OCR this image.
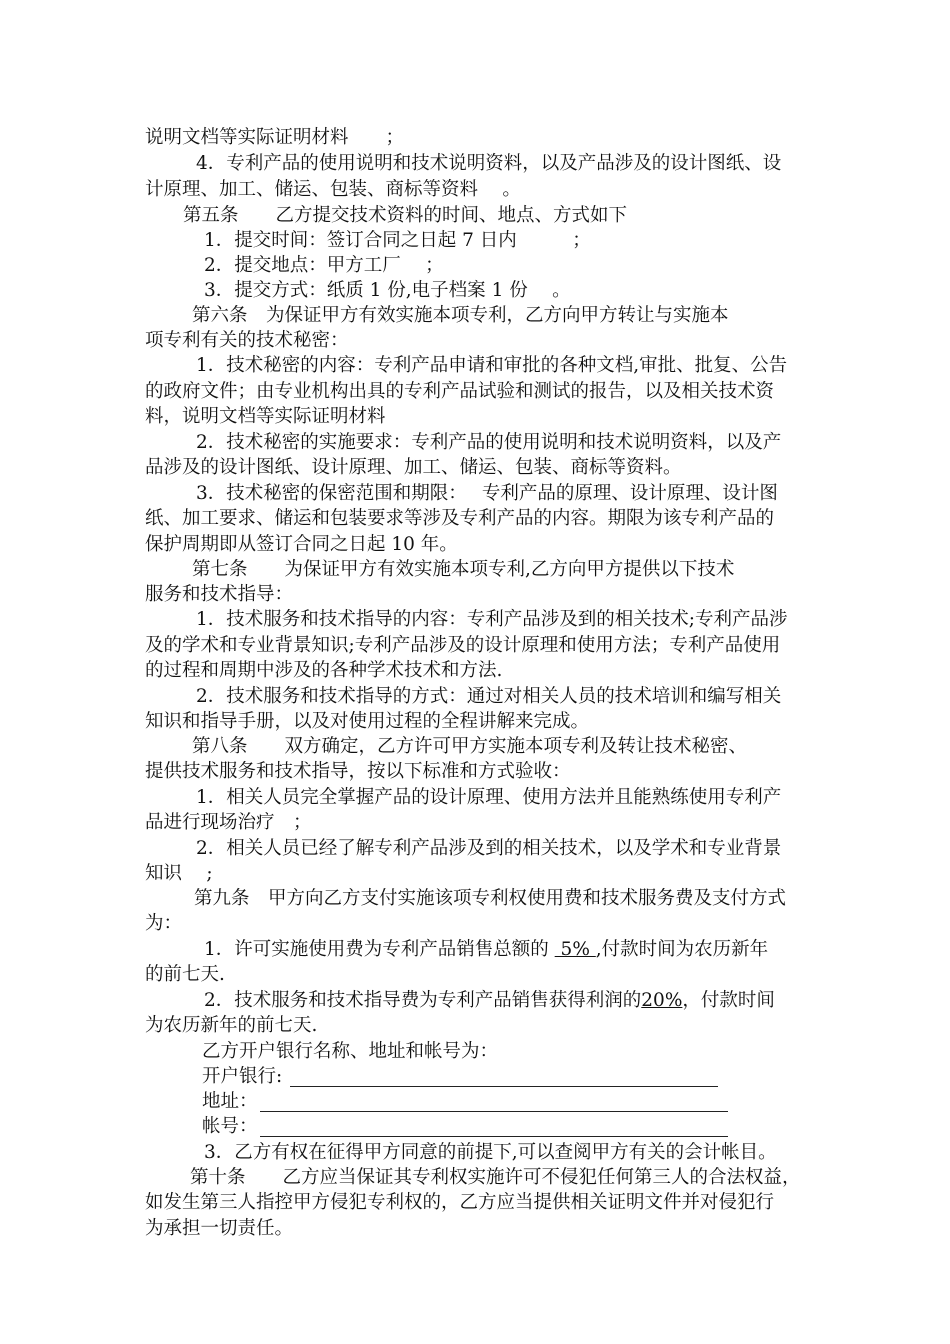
说明文档等实际证明材料　　；
4．专利产品的使用说明和技术说明资料，以及产品涉及的设计图纸、设
计原理、加工、储运、包装、商标等资料　 。
第五条　　乙方提交技术资料的时间、地点、方式如下
1．提交时间：签订合同之日起 7 日内　　　；
2．提交地点：甲方工厂　 ；
3．提交方式：纸质 1 份,电子档案 1 份　 。
第六条　为保证甲方有效实施本项专利，乙方向甲方转让与实施本
项专利有关的技术秘密：
1．技术秘密的内容：专利产品申请和审批的各种文档,审批、批复、公告
的政府文件；由专业机构出具的专利产品试验和测试的报告，以及相关技术资
料，说明文档等实际证明材料
2．技术秘密的实施要求：专利产品的使用说明和技术说明资料，以及产
品涉及的设计图纸、设计原理、加工、储运、包装、商标等资料。
3．技术秘密的保密范围和期限：　 专利产品的原理、设计原理、设计图
纸、加工要求、储运和包装要求等涉及专利产品的内容。期限为该专利产品的
保护周期即从签订合同之日起 10 年。
第七条　　为保证甲方有效实施本项专利,乙方向甲方提供以下技术
服务和技术指导：
1．技术服务和技术指导的内容：专利产品涉及到的相关技术;专利产品涉
及的学术和专业背景知识;专利产品涉及的设计原理和使用方法；专利产品使用
的过程和周期中涉及的各种学术技术和方法.
2．技术服务和技术指导的方式：通过对相关人员的技术培训和编写相关
知识和指导手册，以及对使用过程的全程讲解来完成。
第八条　　双方确定，乙方许可甲方实施本项专利及转让技术秘密、
提供技术服务和技术指导，按以下标准和方式验收：
1．相关人员完全掌握产品的设计原理、使用方法并且能熟练使用专利产
品进行现场治疗　；
2．相关人员已经了解专利产品涉及到的相关技术，以及学术和专业背景
知识　 ;
第九条　甲方向乙方支付实施该项专利权使用费和技术服务费及支付方式
为：
1．许可实施使用费为专利产品销售总额的  5% ,付款时间为农历新年
的前七天.
2．技术服务和技术指导费为专利产品销售获得利润的20%，付款时间
为农历新年的前七天.
乙方开户银行名称、地址和帐号为：
开户银行:
地址：
帐号：
3．乙方有权在征得甲方同意的前提下,可以查阅甲方有关的会计帐目。
第十条　　乙方应当保证其专利权实施许可不侵犯任何第三人的合法权益，
如发生第三人指控甲方侵犯专利权的，乙方应当提供相关证明文件并对侵犯行
为承担一切责任。
